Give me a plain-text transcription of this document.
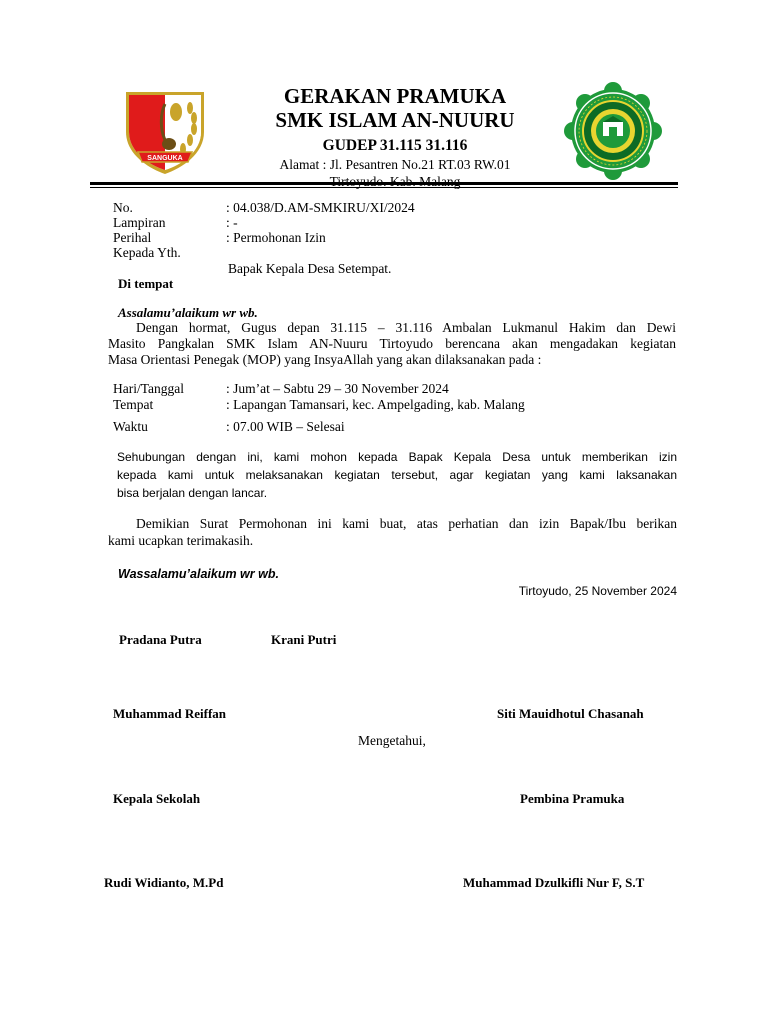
SANGUKA
GERAKAN PRAMUKA
SMK ISLAM AN-NUURU
GUDEP 31.115 31.116
Alamat : Jl. Pesantren No.21 RT.03 RW.01
No.	: 04.038/D.AM-SMKIRU/XI/2024
Lampiran	: -
Perihal	: Permohonan Izin
Kepada Yth.
Bapak Kepala Desa Setempat.
Di tempat
Assalamu’alaikum wr wb.
Dengan hormat, Gugus depan 31.115 – 31.116 Ambalan Lukmanul Hakim dan Dewi
Masito Pangkalan SMK Islam AN-Nuuru Tirtoyudo berencana akan mengadakan kegiatan
Masa Orientasi Penegak (MOP) yang InsyaAllah yang akan dilaksanakan pada :
Hari/Tanggal	: Jum’at – Sabtu 29 – 30 November 2024
Tempat	: Lapangan Tamansari, kec. Ampelgading, kab. Malang
Waktu	: 07.00 WIB – Selesai
Sehubungan dengan ini, kami mohon kepada Bapak Kepala Desa untuk memberikan izin
kepada kami untuk melaksanakan kegiatan tersebut, agar kegiatan yang kami laksanakan
bisa berjalan dengan lancar.
Demikian Surat Permohonan ini kami buat, atas perhatian dan izin Bapak/Ibu berikan
kami ucapkan terimakasih.
Wassalamu’alaikum wr wb.
Tirtoyudo, 25 November 2024
Pradana Putra	Krani Putri
Muhammad Reiffan	Siti Mauidhotul Chasanah
Mengetahui,
Kepala Sekolah	Pembina Pramuka
Rudi Widianto, M.Pd	Muhammad Dzulkifli Nur F, S.T
